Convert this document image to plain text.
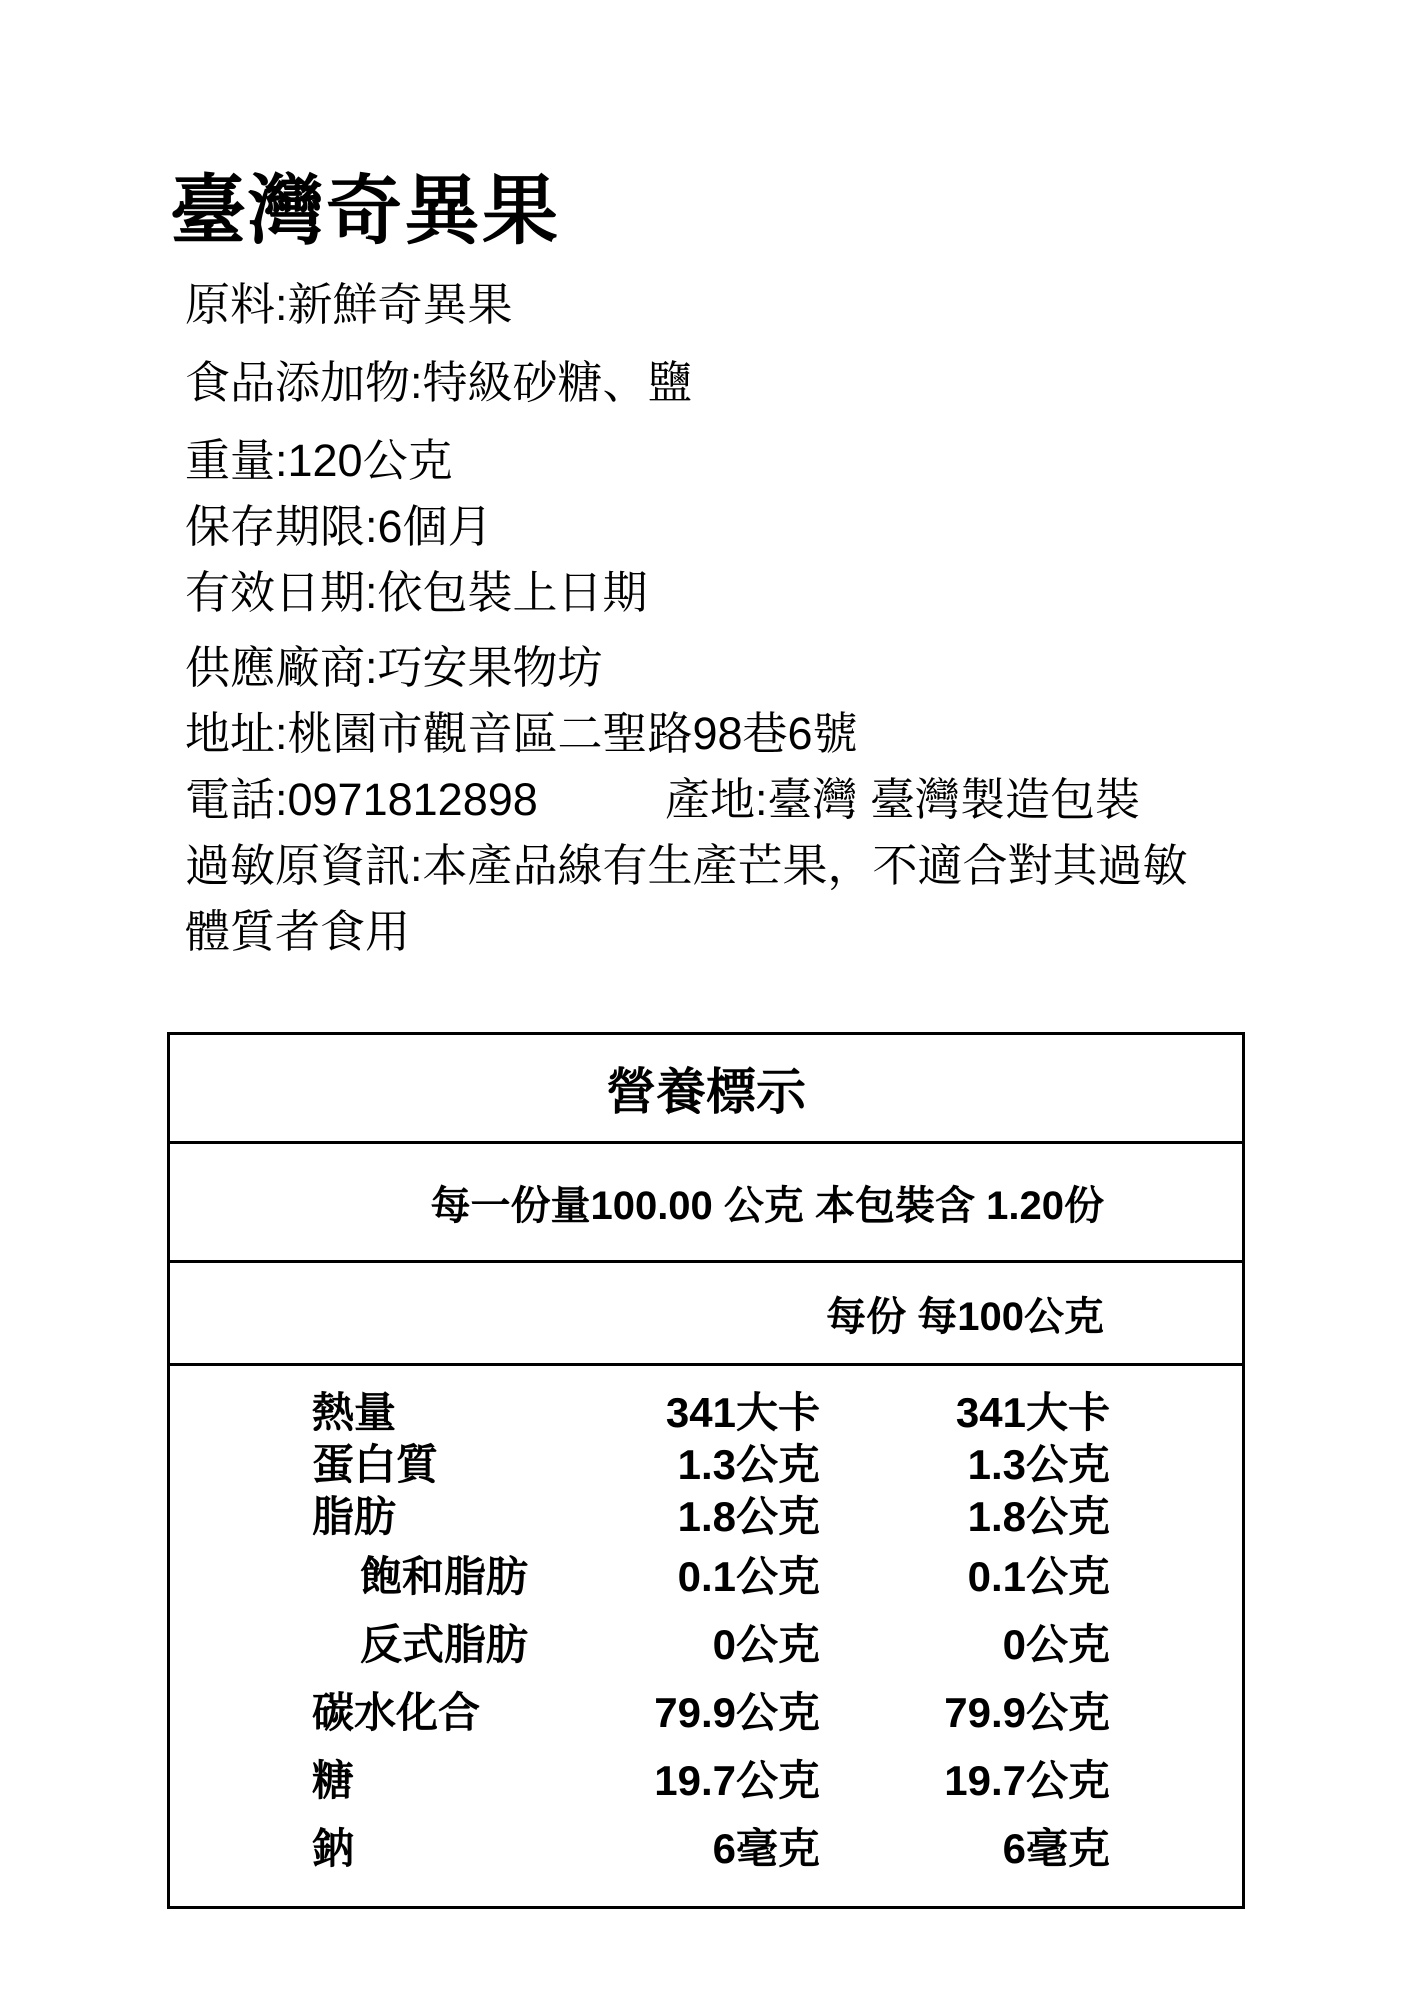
臺灣奇異果
原料:新鮮奇異果
食品添加物:特級砂糖、鹽
重量:120公克
保存期限:6個月
有效日期:依包裝上日期
供應廠商:巧安果物坊
地址:桃園市觀音區二聖路98巷6號
電話:0971812898	產地:臺灣 臺灣製造包裝
過敏原資訊:本產品線有生產芒果，不適合對其過敏
體質者食用
營養標示
每一份量100.00 公克 本包裝含 1.20份
每份 每100公克
熱量	341大卡	341大卡
蛋白質	1.3公克	1.3公克
脂肪	1.8公克	1.8公克
飽和脂肪	0.1公克	0.1公克
反式脂肪	0公克	0公克
碳水化合	79.9公克	79.9公克
糖	19.7公克	19.7公克
鈉	6毫克	6毫克
